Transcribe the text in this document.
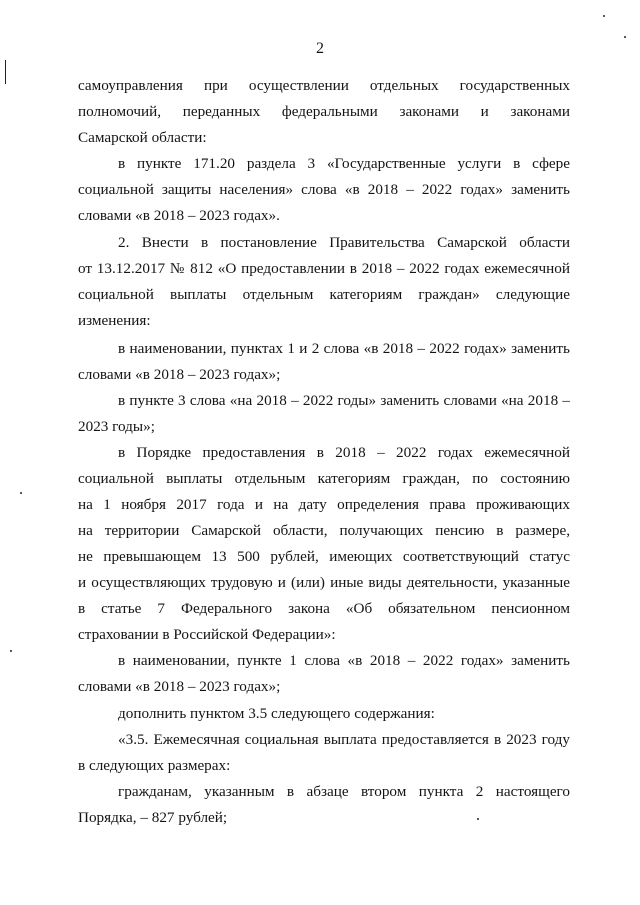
2
самоуправления при осуществлении отдельных государственных
полномочий, переданных федеральными законами и законами
Самарской области:
в пункте 171.20 раздела 3 «Государственные услуги в сфере
социальной защиты населения» слова «в 2018 – 2022 годах» заменить
словами «в 2018 – 2023 годах».
2. Внести в постановление Правительства Самарской области
от 13.12.2017 № 812 «О предоставлении в 2018 – 2022 годах ежемесячной
социальной выплаты отдельным категориям граждан» следующие
изменения:
в наименовании, пунктах 1 и 2 слова «в 2018 – 2022 годах» заменить
словами «в 2018 – 2023 годах»;
в пункте 3 слова «на 2018 – 2022 годы» заменить словами «на 2018 –
2023 годы»;
в Порядке предоставления в 2018 – 2022 годах ежемесячной
социальной выплаты отдельным категориям граждан, по состоянию
на 1 ноября 2017 года и на дату определения права проживающих
на территории Самарской области, получающих пенсию в размере,
не превышающем 13 500 рублей, имеющих соответствующий статус
и осуществляющих трудовую и (или) иные виды деятельности, указанные
в статье 7 Федерального закона «Об обязательном пенсионном
страховании в Российской Федерации»:
в наименовании, пункте 1 слова «в 2018 – 2022 годах» заменить
словами «в 2018 – 2023 годах»;
дополнить пунктом 3.5 следующего содержания:
«3.5. Ежемесячная социальная выплата предоставляется в 2023 году
в следующих размерах:
гражданам, указанным в абзаце втором пункта 2 настоящего
Порядка, – 827 рублей;
